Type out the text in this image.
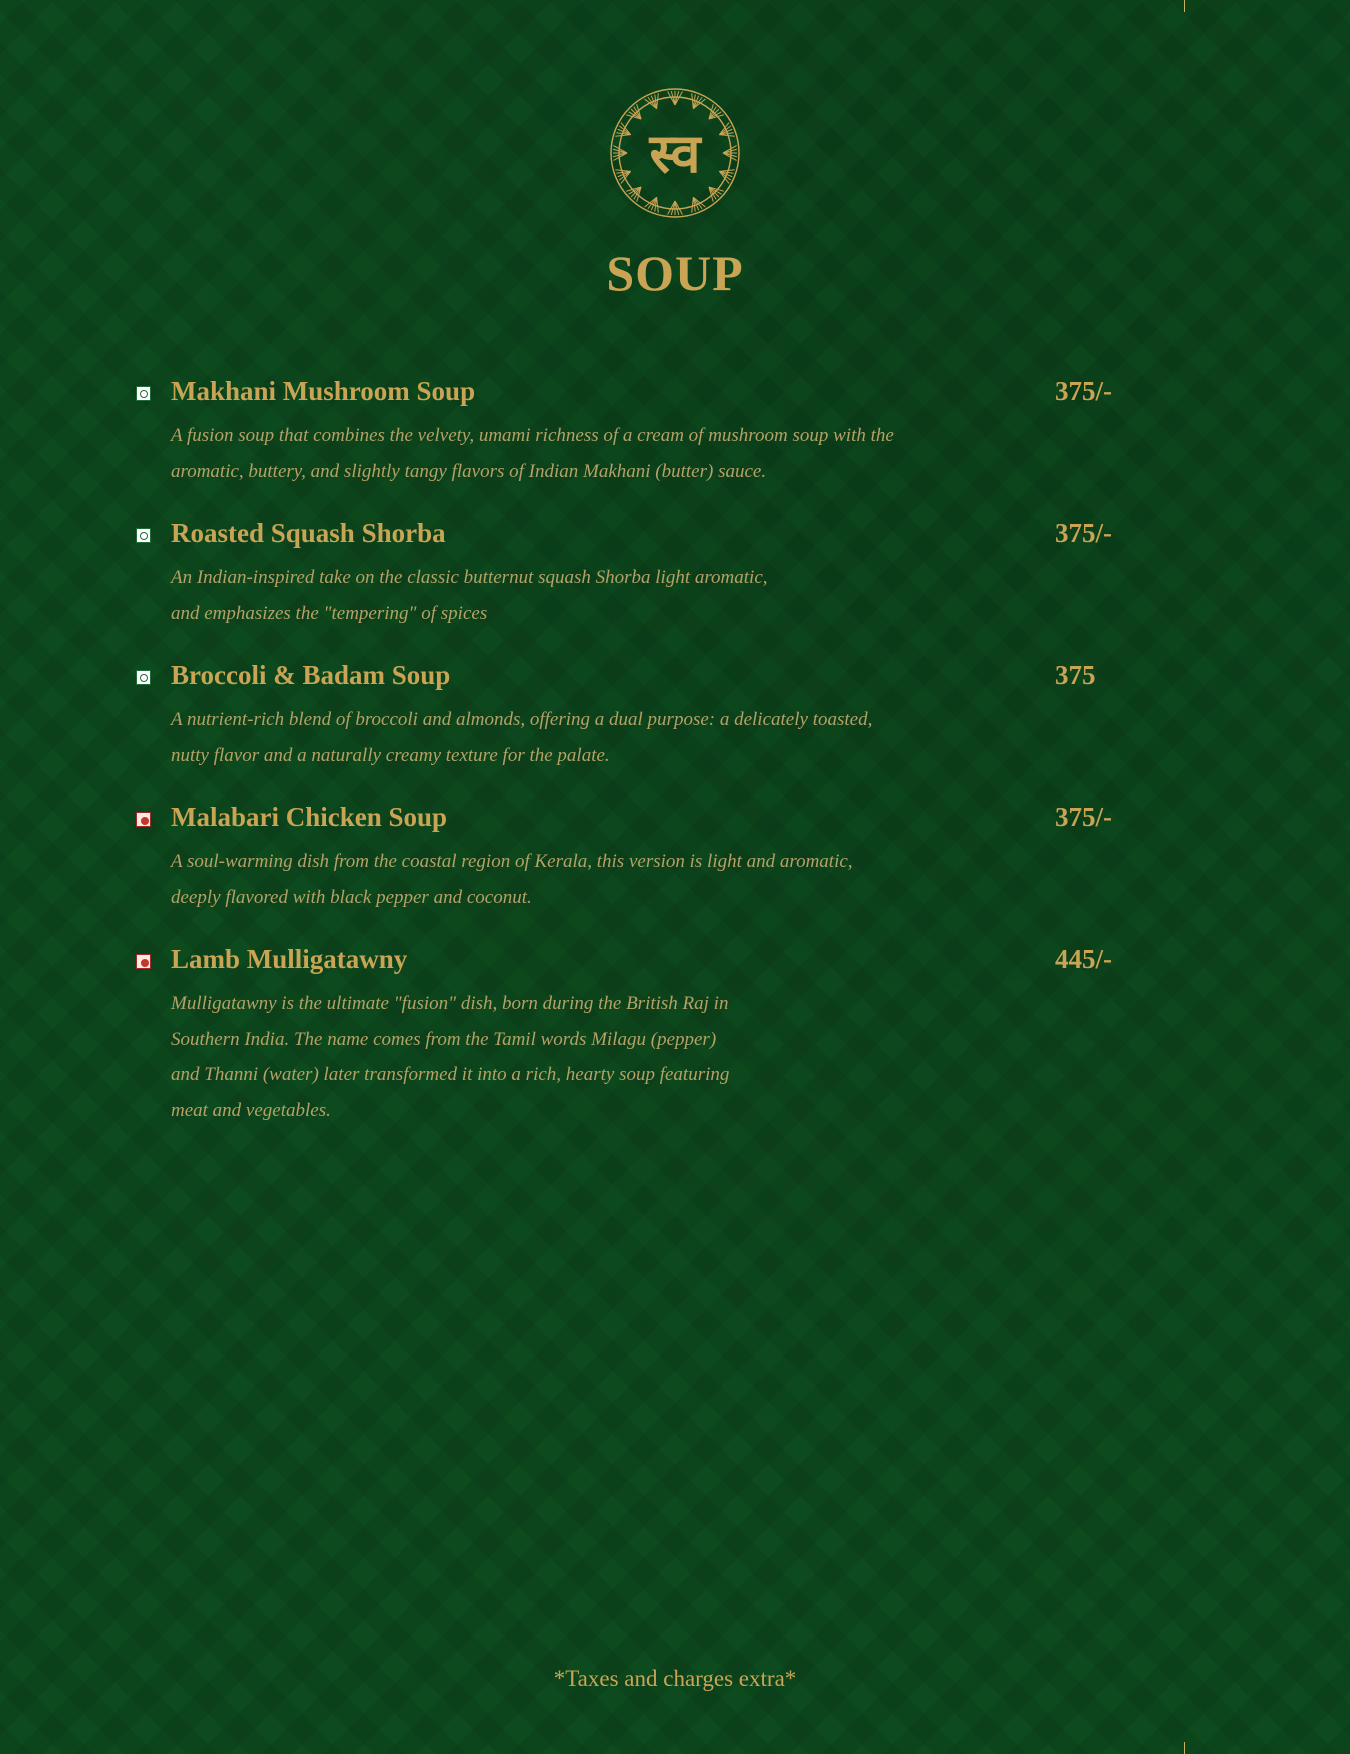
स्व
SOUP
Makhani Mushroom Soup	375/-
A fusion soup that combines the velvety, umami richness of a cream of mushroom soup with the
aromatic, buttery, and slightly tangy flavors of Indian Makhani (butter) sauce.
Roasted Squash Shorba	375/-
An Indian-inspired take on the classic butternut squash Shorba light aromatic,
and emphasizes the "tempering" of spices
Broccoli & Badam Soup	375
A nutrient-rich blend of broccoli and almonds, offering a dual purpose: a delicately toasted,
nutty flavor and a naturally creamy texture for the palate.
Malabari Chicken Soup	375/-
A soul-warming dish from the coastal region of Kerala, this version is light and aromatic,
deeply flavored with black pepper and coconut.
Lamb Mulligatawny	445/-
Mulligatawny is the ultimate "fusion" dish, born during the British Raj in
Southern India. The name comes from the Tamil words Milagu (pepper)
and Thanni (water) later transformed it into a rich, hearty soup featuring
meat and vegetables.
*Taxes and charges extra*
